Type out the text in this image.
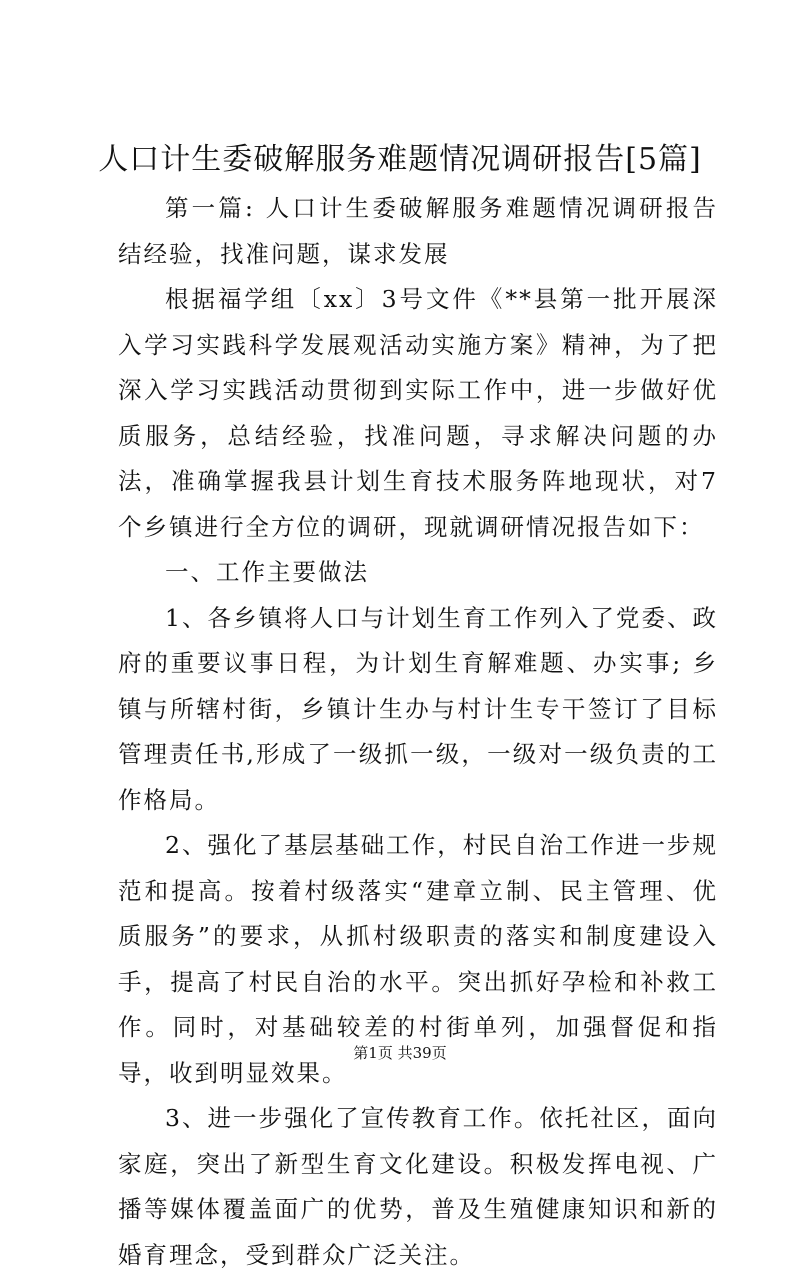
人口计生委破解服务难题情况调研报告[5篇]

第一篇: 人口计生委破解服务难题情况调研报告结经验，找准问题，谋求发展

根据福学组〔xx〕3号文件《**县第一批开展深入学习实践科学发展观活动实施方案》精神，为了把深入学习实践活动贯彻到实际工作中，进一步做好优质服务，总结经验，找准问题，寻求解决问题的办法，准确掌握我县计划生育技术服务阵地现状，对7个乡镇进行全方位的调研，现就调研情况报告如下：

一、工作主要做法

1、各乡镇将人口与计划生育工作列入了党委、政府的重要议事日程，为计划生育解难题、办实事; 乡镇与所辖村街，乡镇计生办与村计生专干签订了目标管理责任书,形成了一级抓一级，一级对一级负责的工作格局。

2、强化了基层基础工作，村民自治工作进一步规范和提高。按着村级落实“建章立制、民主管理、优质服务”的要求，从抓村级职责的落实和制度建设入手，提高了村民自治的水平。突出抓好孕检和补救工作。同时，对基础较差的村街单列，加强督促和指导，收到明显效果。

3、进一步强化了宣传教育工作。依托社区，面向家庭，突出了新型生育文化建设。积极发挥电视、广播等媒体覆盖面广的优势，普及生殖健康知识和新的婚育理念，受到群众广泛关注。

第1页 共39页
